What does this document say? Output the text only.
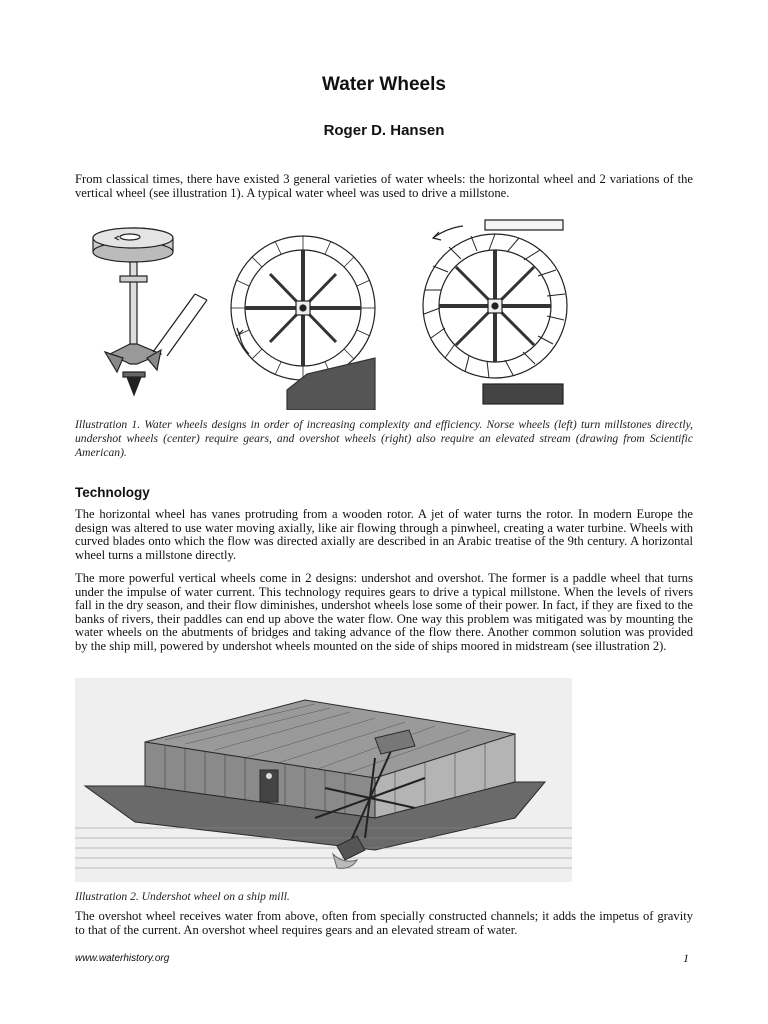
Water Wheels
Roger D. Hansen
From classical times, there have existed 3 general varieties of water wheels: the horizontal wheel and 2 variations of the vertical wheel (see illustration 1). A typical water wheel was used to drive a millstone.
Illustration 1. Water wheels designs in order of increasing complexity and efficiency. Norse wheels (left) turn millstones directly, undershot wheels (center) require gears, and overshot wheels (right) also require an elevated stream (drawing from Scientific American).
Technology
The horizontal wheel has vanes protruding from a wooden rotor. A jet of water turns the rotor. In modern Europe the design was altered to use water moving axially, like air flowing through a pinwheel, creating a water turbine. Wheels with curved blades onto which the flow was directed axially are described in an Arabic treatise of the 9th century. A horizontal wheel turns a millstone directly.
The more powerful vertical wheels come in 2 designs: undershot and overshot. The former is a paddle wheel that turns under the impulse of water current. This technology requires gears to drive a typical millstone. When the levels of rivers fall in the dry season, and their flow diminishes, undershot wheels lose some of their power. In fact, if they are fixed to the banks of rivers, their paddles can end up above the water flow. One way this problem was mitigated was by mounting the water wheels on the abutments of bridges and taking advance of the flow there. Another common solution was provided by the ship mill, powered by undershot wheels mounted on the side of ships moored in midstream (see illustration 2).
Illustration 2. Undershot wheel on a ship mill.
The overshot wheel receives water from above, often from specially constructed channels; it adds the impetus of gravity to that of the current. An overshot wheel requires gears and an elevated stream of water.
www.waterhistory.org	1
